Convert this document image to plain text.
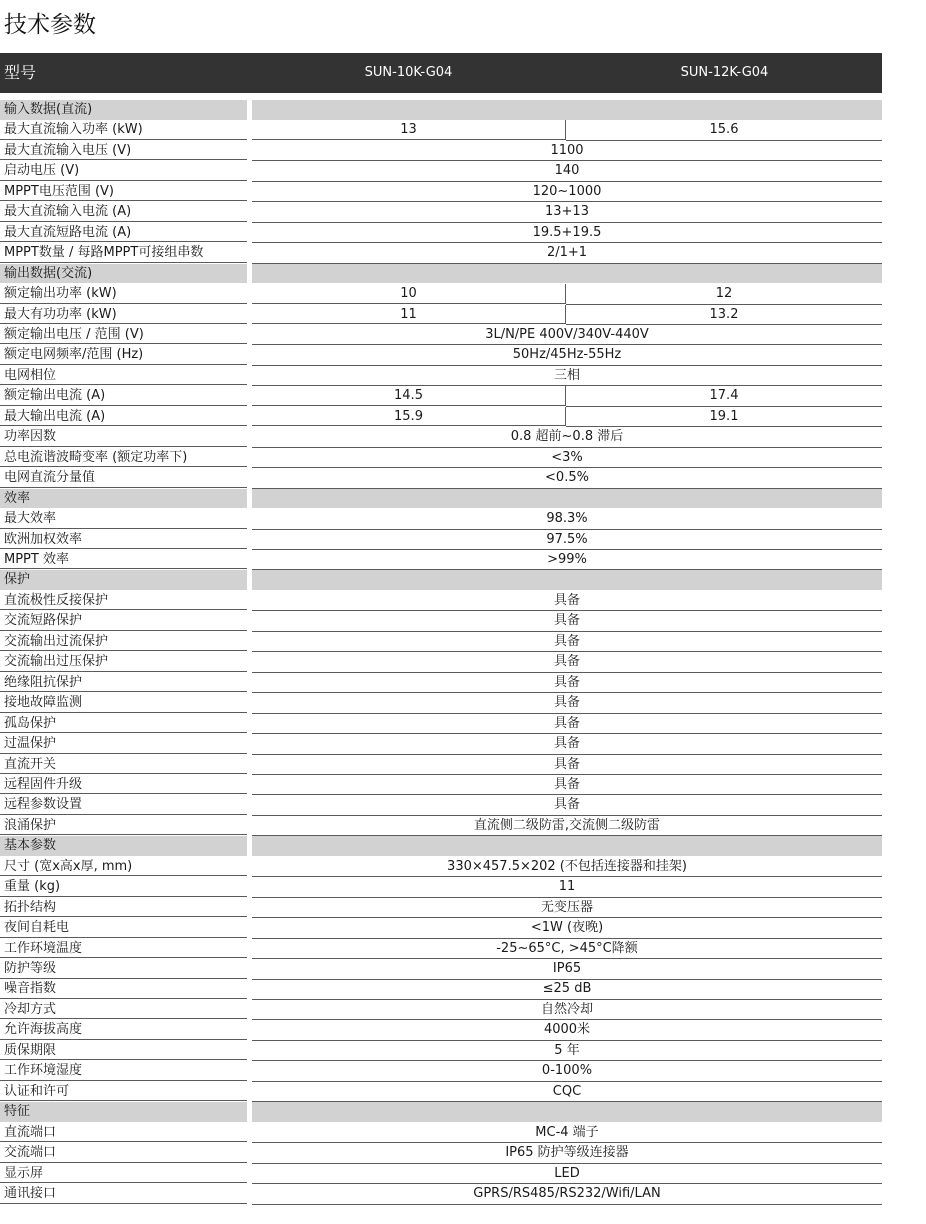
技术参数
型号	SUN-10K-G04	SUN-12K-G04
输入数据(直流)
最大直流输入功率 (kW)	13	15.6
最大直流输入电压 (V)	1100
启动电压 (V)	140
MPPT电压范围 (V)	120~1000
最大直流输入电流 (A)	13+13
最大直流短路电流 (A)	19.5+19.5
MPPT数量 / 每路MPPT可接组串数	2/1+1
输出数据(交流)
额定输出功率 (kW)	10	12
最大有功功率 (kW)	11	13.2
额定输出电压 / 范围 (V)	3L/N/PE 400V/340V-440V
额定电网频率/范围 (Hz)	50Hz/45Hz-55Hz
电网相位	三相
额定输出电流 (A)	14.5	17.4
最大输出电流 (A)	15.9	19.1
功率因数	0.8 超前~0.8 滞后
总电流谐波畸变率 (额定功率下)	<3%
电网直流分量值	<0.5%
效率
最大效率	98.3%
欧洲加权效率	97.5%
MPPT 效率	>99%
保护
直流极性反接保护	具备
交流短路保护	具备
交流输出过流保护	具备
交流输出过压保护	具备
绝缘阻抗保护	具备
接地故障监测	具备
孤岛保护	具备
过温保护	具备
直流开关	具备
远程固件升级	具备
远程参数设置	具备
浪涌保护	直流侧二级防雷,交流侧二级防雷
基本参数
尺寸 (宽x高x厚, mm)	330×457.5×202 (不包括连接器和挂架)
重量 (kg)	11
拓扑结构	无变压器
夜间自耗电	<1W (夜晚)
工作环境温度	-25~65°C, >45°C降额
防护等级	IP65
噪音指数	≤25 dB
冷却方式	自然冷却
允许海拔高度	4000米
质保期限	5 年
工作环境湿度	0-100%
认证和许可	CQC
特征
直流端口	MC-4 端子
交流端口	IP65 防护等级连接器
显示屏	LED
通讯接口	GPRS/RS485/RS232/Wifi/LAN
